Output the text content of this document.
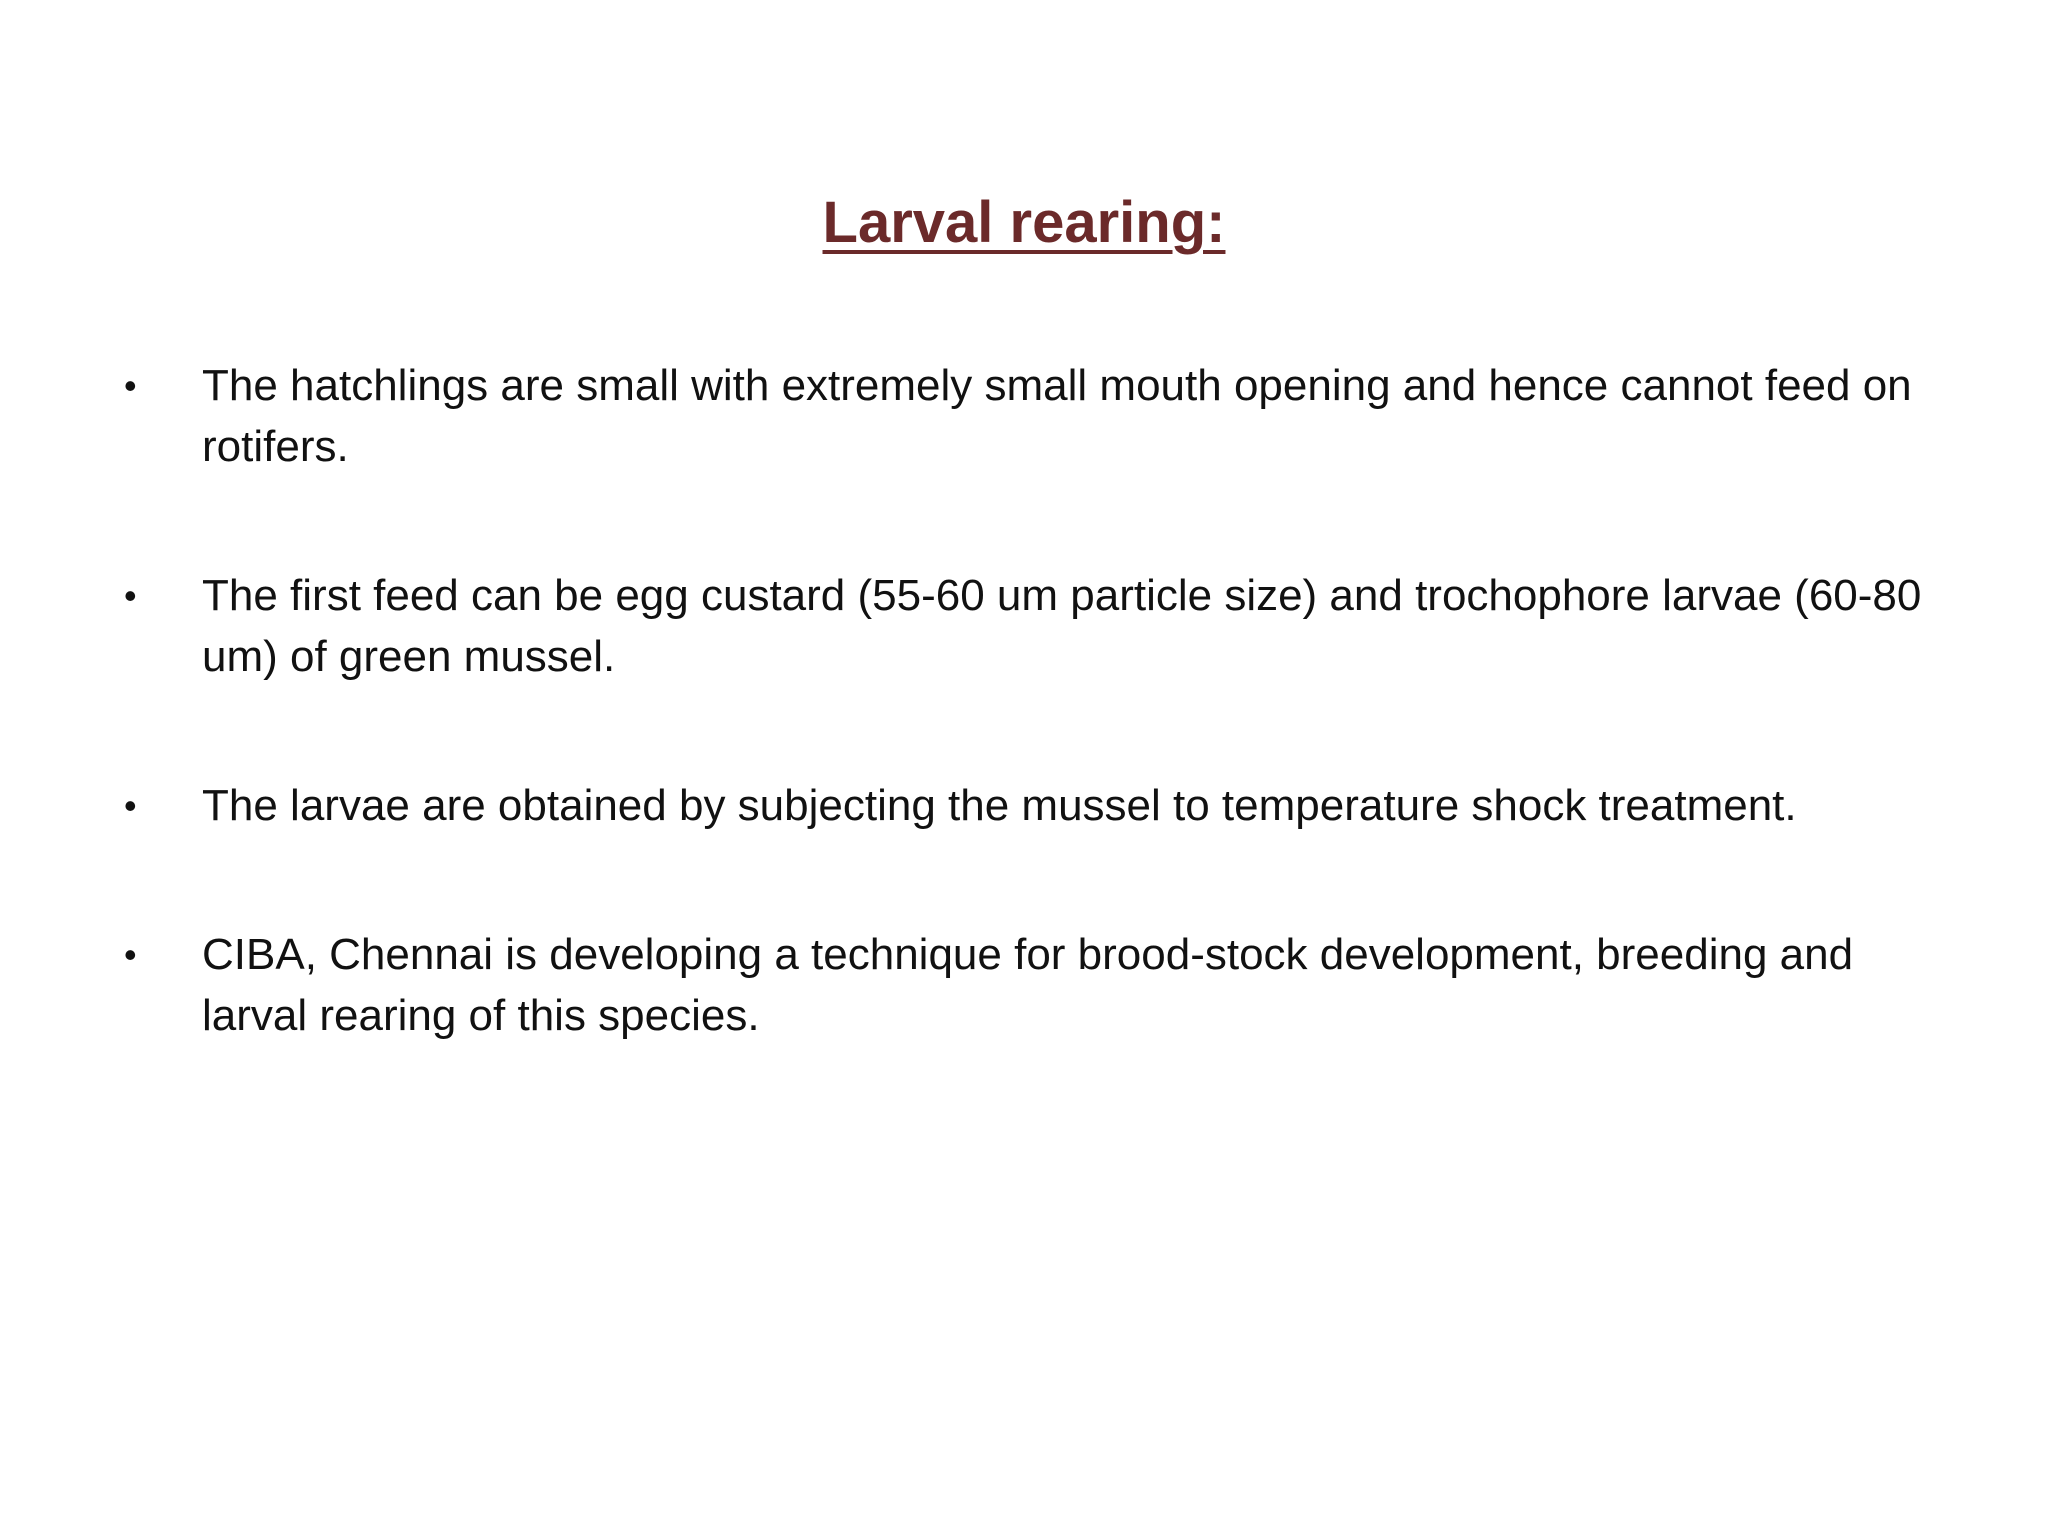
Larval rearing:
• The hatchlings are small with extremely small mouth opening and hence cannot feed on rotifers.
• The first feed can be egg custard (55-60 um particle size) and trochophore larvae (60-80 um) of green mussel.
• The larvae are obtained by subjecting the mussel to temperature shock treatment.
• CIBA, Chennai is developing a technique for brood-stock development, breeding and larval rearing of this species.
